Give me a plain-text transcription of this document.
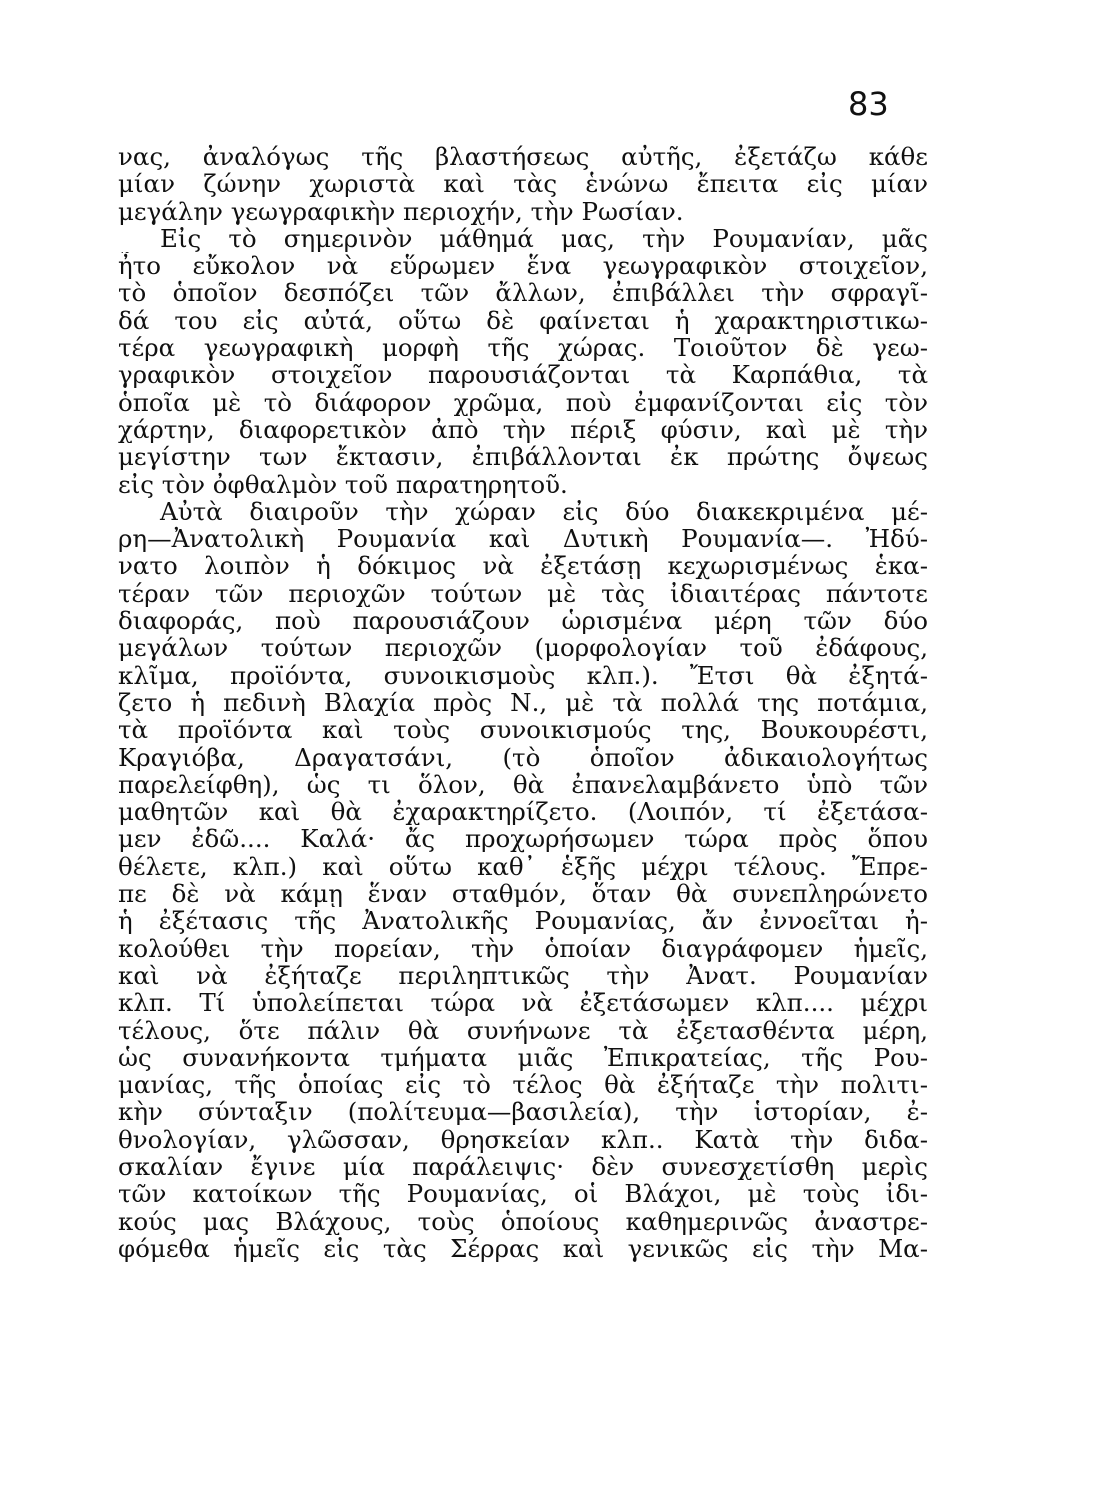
83
νας, ἀναλόγως τῆς βλαστήσεως αὐτῆς, ἐξετάζω κάθε
μίαν ζώνην χωριστὰ καὶ τὰς ἑνώνω ἔπειτα εἰς μίαν
μεγάλην γεωγραφικὴν περιοχήν, τὴν Ρωσίαν.
Εἰς τὸ σημερινὸν μάθημά μας, τὴν Ρουμανίαν, μᾶς
ἦτο εὔκολον νὰ εὕρωμεν ἕνα γεωγραφικὸν στοιχεῖον,
τὸ ὁποῖον δεσπόζει τῶν ἄλλων, ἐπιβάλλει τὴν σφραγῖ-
δά του εἰς αὐτά, οὕτω δὲ φαίνεται ἡ χαρακτηριστικω-
τέρα γεωγραφικὴ μορφὴ τῆς χώρας. Τοιοῦτον δὲ γεω-
γραφικὸν στοιχεῖον παρουσιάζονται τὰ Καρπάθια, τὰ
ὁποῖα μὲ τὸ διάφορον χρῶμα, ποὺ ἐμφανίζονται εἰς τὸν
χάρτην, διαφορετικὸν ἀπὸ τὴν πέριξ φύσιν, καὶ μὲ τὴν
μεγίστην των ἔκτασιν, ἐπιβάλλονται ἐκ πρώτης ὄψεως
εἰς τὸν ὀφθαλμὸν τοῦ παρατηρητοῦ.
Αὐτὰ διαιροῦν τὴν χώραν εἰς δύο διακεκριμένα μέ-
ρη—Ἀνατολικὴ Ρουμανία καὶ Δυτικὴ Ρουμανία—. Ἠδύ-
νατο λοιπὸν ἡ δόκιμος νὰ ἐξετάσῃ κεχωρισμένως ἑκα-
τέραν τῶν περιοχῶν τούτων μὲ τὰς ἰδιαιτέρας πάντοτε
διαφοράς, ποὺ παρουσιάζουν ὡρισμένα μέρη τῶν δύο
μεγάλων τούτων περιοχῶν (μορφολογίαν τοῦ ἐδάφους,
κλῖμα, προϊόντα, συνοικισμοὺς κλπ.). Ἔτσι θὰ ἐξητά-
ζετο ἡ πεδινὴ Βλαχία πρὸς Ν., μὲ τὰ πολλά της ποτάμια,
τὰ προϊόντα καὶ τοὺς συνοικισμούς της, Βουκουρέστι,
Κραγιόβα, Δραγατσάνι, (τὸ ὁποῖον ἀδικαιολογήτως
παρελείφθη), ὡς τι ὅλον, θὰ ἐπανελαμβάνετο ὑπὸ τῶν
μαθητῶν καὶ θὰ ἐχαρακτηρίζετο. (Λοιπόν, τί ἐξετάσα-
μεν ἐδῶ.... Καλά· ἄς προχωρήσωμεν τώρα πρὸς ὅπου
θέλετε, κλπ.) καὶ οὕτω καθ᾽ ἑξῆς μέχρι τέλους. Ἔπρε-
πε δὲ νὰ κάμῃ ἕναν σταθμόν, ὅταν θὰ συνεπληρώνετο
ἡ ἐξέτασις τῆς Ἀνατολικῆς Ρουμανίας, ἄν ἐννοεῖται ἠ-
κολούθει τὴν πορείαν, τὴν ὁποίαν διαγράφομεν ἡμεῖς,
καὶ νὰ ἐξήταζε περιληπτικῶς τὴν Ἀνατ. Ρουμανίαν
κλπ. Τί ὑπολείπεται τώρα νὰ ἐξετάσωμεν κλπ.... μέχρι
τέλους, ὅτε πάλιν θὰ συνήνωνε τὰ ἐξετασθέντα μέρη,
ὡς συνανήκοντα τμήματα μιᾶς Ἐπικρατείας, τῆς Ρου-
μανίας, τῆς ὁποίας εἰς τὸ τέλος θὰ ἐξήταζε τὴν πολιτι-
κὴν σύνταξιν (πολίτευμα—βασιλεία), τὴν ἱστορίαν, ἐ-
θνολογίαν, γλῶσσαν, θρησκείαν κλπ.. Κατὰ τὴν διδα-
σκαλίαν ἔγινε μία παράλειψις· δὲν συνεσχετίσθη μερὶς
τῶν κατοίκων τῆς Ρουμανίας, οἱ Βλάχοι, μὲ τοὺς ἰδι-
κούς μας Βλάχους, τοὺς ὁποίους καθημερινῶς ἀναστρε-
φόμεθα ἡμεῖς εἰς τὰς Σέρρας καὶ γενικῶς εἰς τὴν Μα-
